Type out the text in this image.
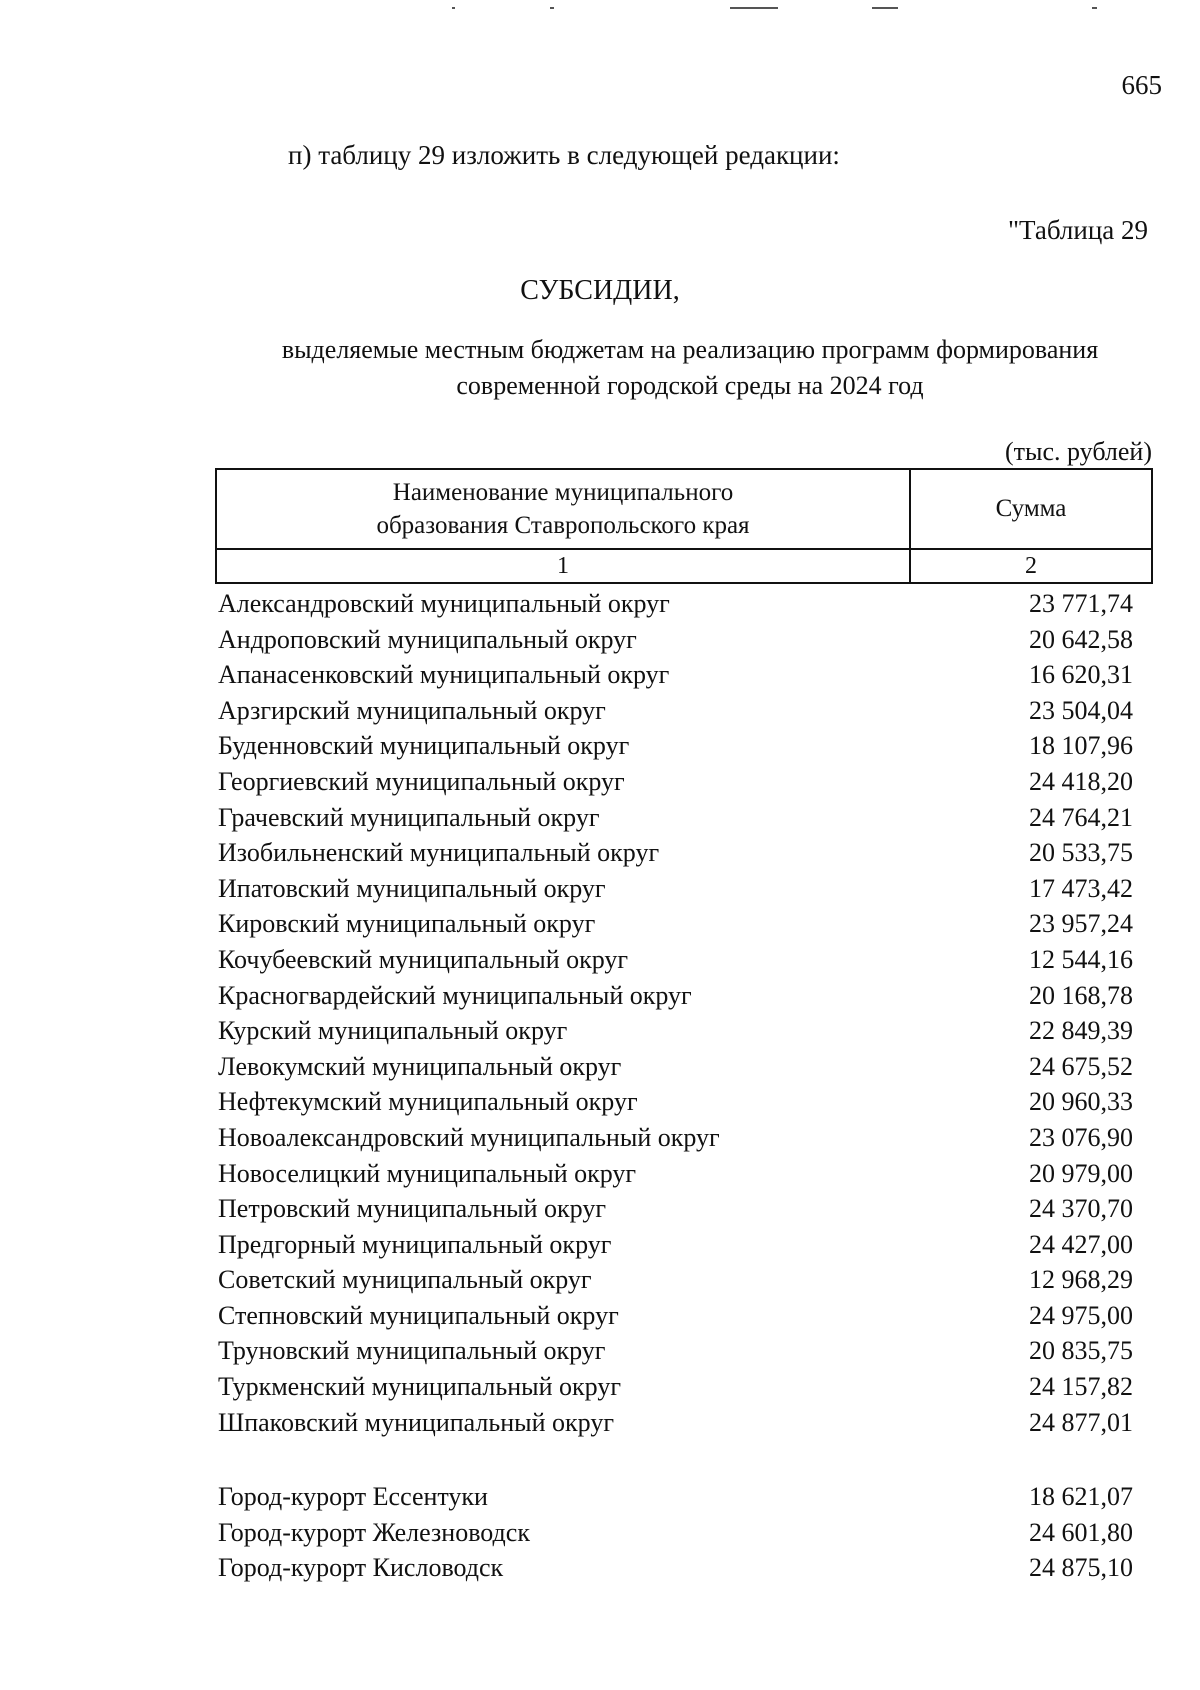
665
п) таблицу 29 изложить в следующей редакции:
"Таблица 29
СУБСИДИИ,
выделяемые местным бюджетам на реализацию программ формирования
современной городской среды на 2024 год
(тыс. рублей)
Наименование муниципального
образования Ставропольского края
Сумма
1	2
Александровский муниципальный округ	23 771,74
Андроповский муниципальный округ	20 642,58
Апанасенковский муниципальный округ	16 620,31
Арзгирский муниципальный округ	23 504,04
Буденновский муниципальный округ	18 107,96
Георгиевский муниципальный округ	24 418,20
Грачевский муниципальный округ	24 764,21
Изобильненский муниципальный округ	20 533,75
Ипатовский муниципальный округ	17 473,42
Кировский муниципальный округ	23 957,24
Кочубеевский муниципальный округ	12 544,16
Красногвардейский муниципальный округ	20 168,78
Курский муниципальный округ	22 849,39
Левокумский муниципальный округ	24 675,52
Нефтекумский муниципальный округ	20 960,33
Новоалександровский муниципальный округ	23 076,90
Новоселицкий муниципальный округ	20 979,00
Петровский муниципальный округ	24 370,70
Предгорный муниципальный округ	24 427,00
Советский муниципальный округ	12 968,29
Степновский муниципальный округ	24 975,00
Труновский муниципальный округ	20 835,75
Туркменский муниципальный округ	24 157,82
Шпаковский муниципальный округ	24 877,01
Город-курорт Ессентуки	18 621,07
Город-курорт Железноводск	24 601,80
Город-курорт Кисловодск	24 875,10
